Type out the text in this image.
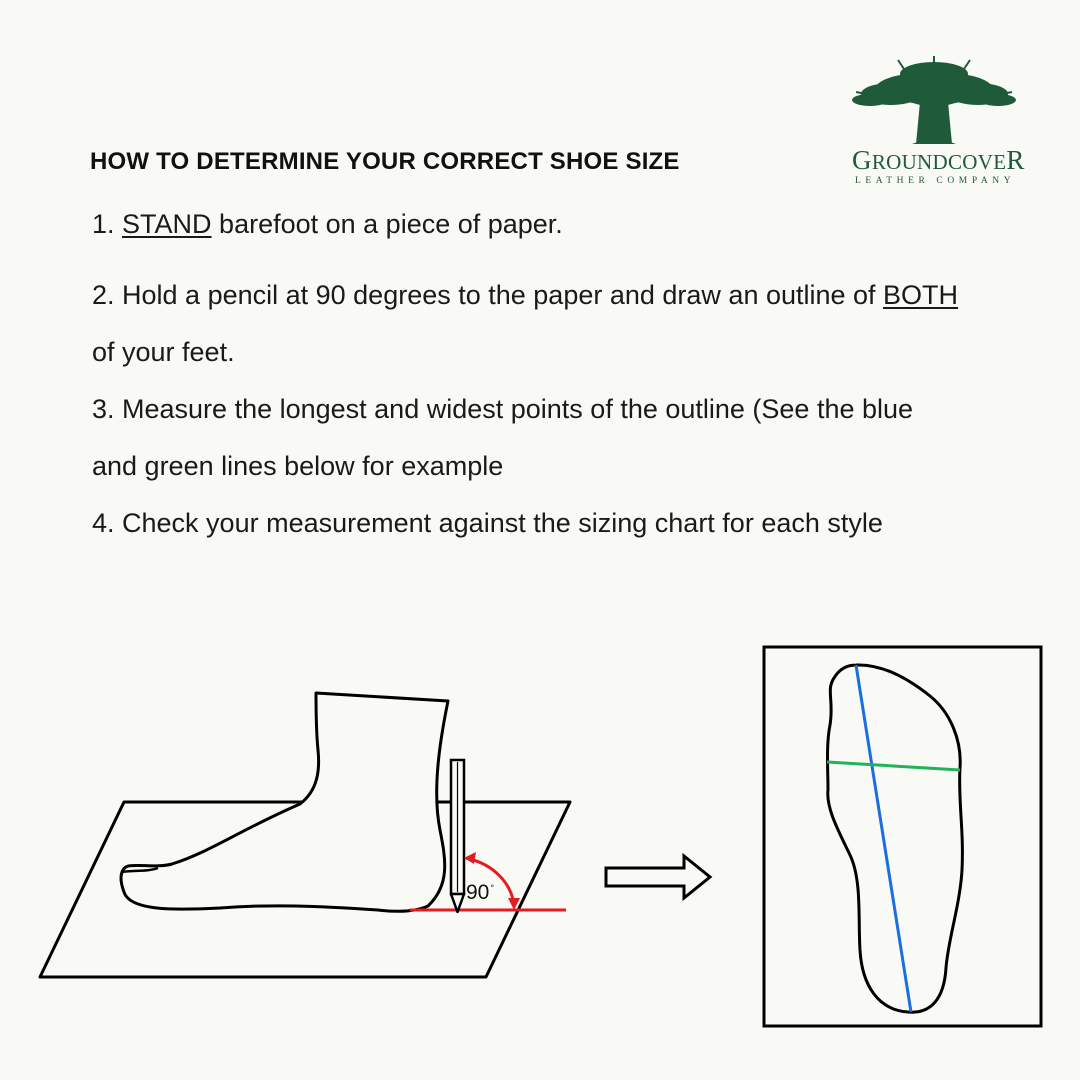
HOW TO DETERMINE YOUR CORRECT SHOE SIZE
1. STAND barefoot on a piece of paper.
2. Hold a pencil at 90 degrees to the paper and draw an outline of BOTH
of your feet.
3. Measure the longest and widest points of the outline (See the blue
and green lines below for example
4. Check your measurement against the sizing chart for each style
GROUNDCOVER
LEATHER COMPANY
90°
